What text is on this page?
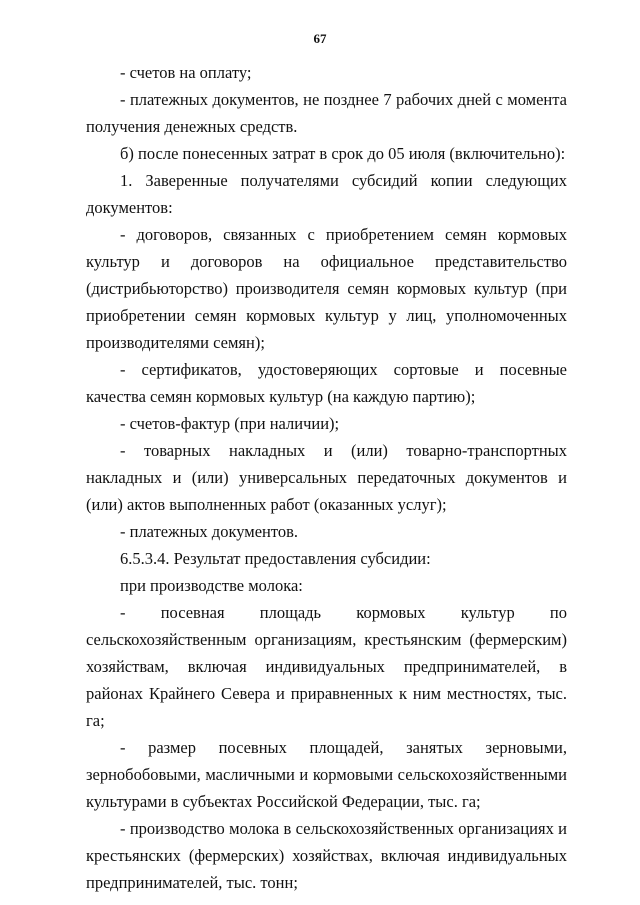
67

- счетов на оплату;

- платежных документов, не позднее 7 рабочих дней с момента получения денежных средств.

б) после понесенных затрат в срок до 05 июля (включительно):

1. Заверенные получателями субсидий копии следующих документов:

- договоров, связанных с приобретением семян кормовых культур и договоров на официальное представительство (дистрибьюторство) производителя семян кормовых культур (при приобретении семян кормовых культур у лиц, уполномоченных производителями семян);

- сертификатов, удостоверяющих сортовые и посевные качества семян кормовых культур (на каждую партию);

- счетов-фактур (при наличии);

- товарных накладных и (или) товарно-транспортных накладных и (или) универсальных передаточных документов и (или) актов выполненных работ (оказанных услуг);

- платежных документов.

6.5.3.4. Результат предоставления субсидии:

при производстве молока:

- посевная площадь кормовых культур по сельскохозяйственным организациям, крестьянским (фермерским) хозяйствам, включая индивидуальных предпринимателей, в районах Крайнего Севера и приравненных к ним местностях, тыс. га;

- размер посевных площадей, занятых зерновыми, зернобобовыми, масличными и кормовыми сельскохозяйственными культурами в субъектах Российской Федерации, тыс. га;

- производство молока в сельскохозяйственных организациях и крестьянских (фермерских) хозяйствах, включая индивидуальных предпринимателей, тыс. тонн;
